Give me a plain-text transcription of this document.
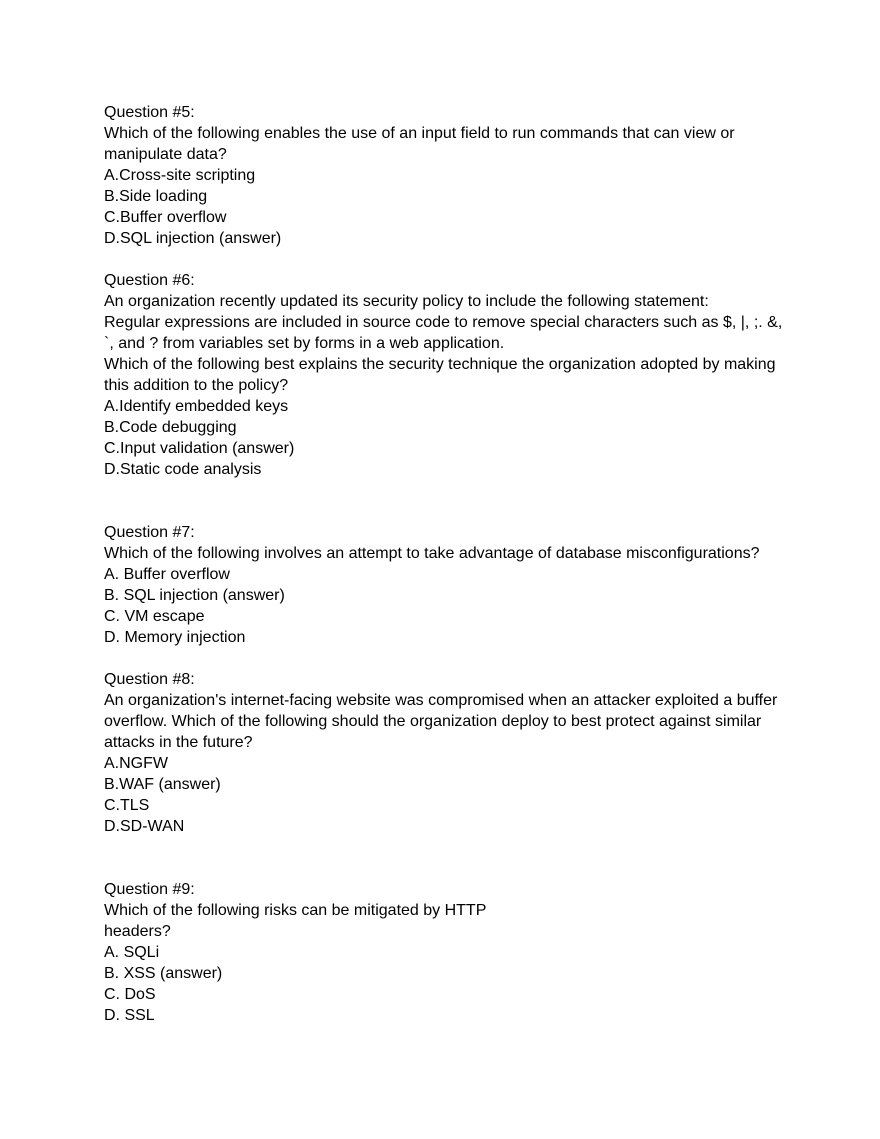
Question #5:

Which of the following enables the use of an input field to run commands that can view or

manipulate data?

A.Cross-site scripting

B.Side loading

C.Buffer overflow

D.SQL injection (answer)

Question #6:

An organization recently updated its security policy to include the following statement:

Regular expressions are included in source code to remove special characters such as $, |, ;. &,

`, and ? from variables set by forms in a web application.

Which of the following best explains the security technique the organization adopted by making

this addition to the policy?

A.Identify embedded keys

B.Code debugging

C.Input validation (answer)

D.Static code analysis

Question #7:

Which of the following involves an attempt to take advantage of database misconfigurations?

A. Buffer overflow

B. SQL injection (answer)

C. VM escape

D. Memory injection

Question #8:

An organization's internet-facing website was compromised when an attacker exploited a buffer

overflow. Which of the following should the organization deploy to best protect against similar

attacks in the future?

A.NGFW

B.WAF (answer)

C.TLS

D.SD-WAN

Question #9:

Which of the following risks can be mitigated by HTTP

headers?

A. SQLi

B. XSS (answer)

C. DoS

D. SSL
